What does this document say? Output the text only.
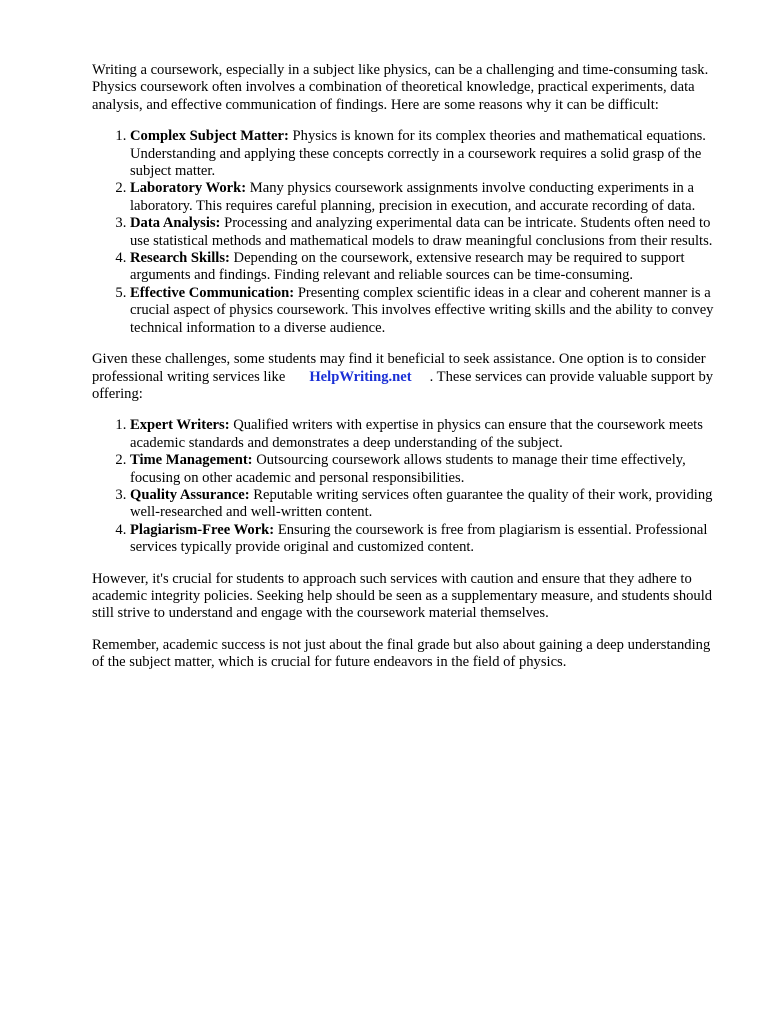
Writing a coursework, especially in a subject like physics, can be a challenging and time-consuming task. Physics coursework often involves a combination of theoretical knowledge, practical experiments, data analysis, and effective communication of findings. Here are some reasons why it can be difficult:

1. Complex Subject Matter: Physics is known for its complex theories and mathematical equations. Understanding and applying these concepts correctly in a coursework requires a solid grasp of the subject matter.
2. Laboratory Work: Many physics coursework assignments involve conducting experiments in a laboratory. This requires careful planning, precision in execution, and accurate recording of data.
3. Data Analysis: Processing and analyzing experimental data can be intricate. Students often need to use statistical methods and mathematical models to draw meaningful conclusions from their results.
4. Research Skills: Depending on the coursework, extensive research may be required to support arguments and findings. Finding relevant and reliable sources can be time-consuming.
5. Effective Communication: Presenting complex scientific ideas in a clear and coherent manner is a crucial aspect of physics coursework. This involves effective writing skills and the ability to convey technical information to a diverse audience.

Given these challenges, some students may find it beneficial to seek assistance. One option is to consider professional writing services like HelpWriting.net . These services can provide valuable support by offering:

1. Expert Writers: Qualified writers with expertise in physics can ensure that the coursework meets academic standards and demonstrates a deep understanding of the subject.
2. Time Management: Outsourcing coursework allows students to manage their time effectively, focusing on other academic and personal responsibilities.
3. Quality Assurance: Reputable writing services often guarantee the quality of their work, providing well-researched and well-written content.
4. Plagiarism-Free Work: Ensuring the coursework is free from plagiarism is essential. Professional services typically provide original and customized content.

However, it's crucial for students to approach such services with caution and ensure that they adhere to academic integrity policies. Seeking help should be seen as a supplementary measure, and students should still strive to understand and engage with the coursework material themselves.

Remember, academic success is not just about the final grade but also about gaining a deep understanding of the subject matter, which is crucial for future endeavors in the field of physics.
